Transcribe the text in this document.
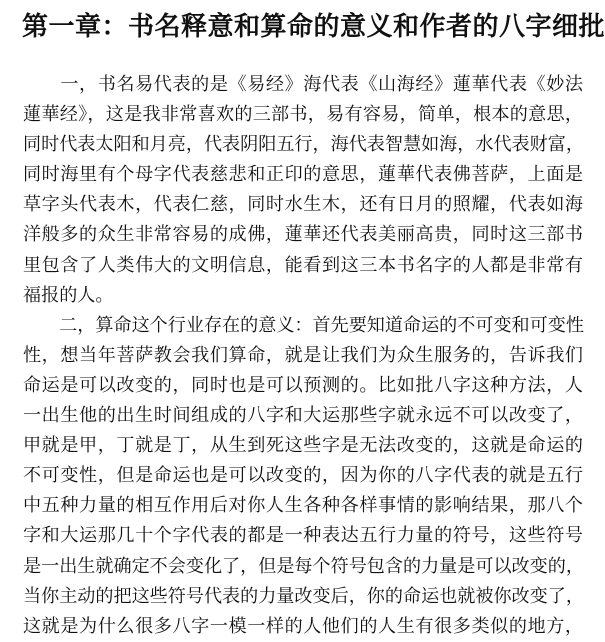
第一章：书名释意和算命的意义和作者的八字细批
　　一，书名易代表的是《易经》海代表《山海经》蓮華代表《妙法
蓮華经》，这是我非常喜欢的三部书，易有容易，简单，根本的意思，
同时代表太阳和月亮，代表阴阳五行，海代表智慧如海，水代表财富，
同时海里有个母字代表慈悲和正印的意思，蓮華代表佛菩萨，上面是
草字头代表木，代表仁慈，同时水生木，还有日月的照耀，代表如海
洋般多的众生非常容易的成佛，蓮華还代表美丽高贵，同时这三部书
里包含了人类伟大的文明信息，能看到这三本书名字的人都是非常有
福报的人。
　　二，算命这个行业存在的意义：首先要知道命运的不可变和可变性
性，想当年菩萨教会我们算命，就是让我们为众生服务的，告诉我们
命运是可以改变的，同时也是可以预测的。比如批八字这种方法，人
一出生他的出生时间组成的八字和大运那些字就永远不可以改变了，
甲就是甲，丁就是丁，从生到死这些字是无法改变的，这就是命运的
不可变性，但是命运也是可以改变的，因为你的八字代表的就是五行
中五种力量的相互作用后对你人生各种各样事情的影响结果，那八个
字和大运那几十个字代表的都是一种表达五行力量的符号，这些符号
是一出生就确定不会变化了，但是每个符号包含的力量是可以改变的，
当你主动的把这些符号代表的力量改变后，你的命运也就被你改变了，
这就是为什么很多八字一模一样的人他们的人生有很多类似的地方，
